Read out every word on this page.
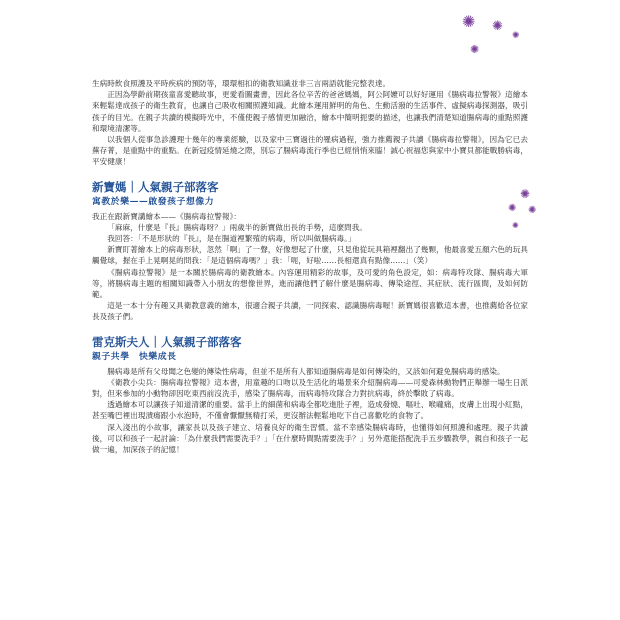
✺ ✺
✺
✺
✺
✺ ✺
✺

生病時飲食照護及平時疾病的預防等，環環相扣的衛教知識並非三言兩語就能完整表達。

正因為學齡前期孩童喜愛聽故事，更愛看圖畫書，因此各位辛苦的爸爸媽媽，阿公阿嬤可以好好運用《腸病毒拉警報》這繪本來輕鬆達成孩子的衛生教育，也讓自己吸收相關照護知識。此繪本運用鮮明的角色、生動活潑的生活事件、虛擬病毒探測器，吸引孩子的目光。在親子共讀的模擬時光中，不僅使親子感情更加融洽，繪本中簡明扼要的描述，也讓我們清楚知道腸病毒的重點照護和環境清潔等。

以我個人從事急診護理十幾年的專業經驗，以及家中三寶過往的罹病過程，強力推薦親子共讀《腸病毒拉警報》，因為它已去蕪存菁，是重點中的重點。在新冠疫情延燒之際，別忘了腸病毒流行季也已經悄悄來臨！誠心祝福您與家中小寶貝都能戰勝病毒，平安健康！

新寶媽｜人氣親子部落客
寓教於樂——啟發孩子想像力

我正在跟新寶講繪本——《腸病毒拉警報》：

「麻麻，什麼是『長』腸病毒呀？」兩歲半的新寶做出長的手勢，這麼問我。

我回答：「不是形狀的『長』，是在腸道裡繁殖的病毒，所以叫做腸病毒。」

新寶盯著繪本上的病毒形狀，忽然「啊」了一聲，好像想起了什麼，只見他從玩具箱裡翻出了幾顆，他最喜愛五顏六色的玩具觸覺球，握在手上晃啊晃的問我：「是這個病毒嗎？」我：「呃，好啦……長相還真有點像……」（笑）

《腸病毒拉警報》是一本關於腸病毒的衛教繪本。內容運用精彩的故事，及可愛的角色設定，如：病毒特攻隊、腸病毒大軍等，將腸病毒主題的相關知識帶入小朋友的想像世界，進而讓他們了解什麼是腸病毒、傳染途徑、其症狀、流行區間，及如何防範。

這是一本十分有趣又具衛教意義的繪本，很適合親子共讀，一同探索、認識腸病毒喔！新寶媽很喜歡這本書，也推薦給各位家長及孩子們。

雷克斯夫人｜人氣親子部落客
親子共學　快樂成長

腸病毒是所有父母聞之色變的傳染性病毒，但並不是所有人都知道腸病毒是如何傳染的，又該如何避免腸病毒的感染。

《衛教小尖兵：腸病毒拉警報》這本書，用童趣的口吻以及生活化的場景來介紹腸病毒——可愛森林動物們正舉辦一場生日派對，但來參加的小動物卻因吃東西前沒洗手，感染了腸病毒，而病毒特攻隊合力對抗病毒，終於擊敗了病毒。

透過繪本可以讓孩子知道清潔的重要。當手上的細菌和病毒全都吃進肚子裡，造成發燒、嘔吐、喉嚨痛，皮膚上出現小紅點，甚至嘴巴裡出現潰瘍跟小水泡時，不僅會懨懨無精打采，更沒辦法輕鬆地吃下自己喜歡吃的食物了。

深入淺出的小故事，讓家長以及孩子建立、培養良好的衛生習慣。當不幸感染腸病毒時，也懂得如何照護和處理。親子共讀後，可以和孩子一起討論：「為什麼我們需要洗手？」「在什麼時間點需要洗手？」另外還能搭配洗手五步驟教學，親自和孩子一起做一遍，加深孩子的記憶！
